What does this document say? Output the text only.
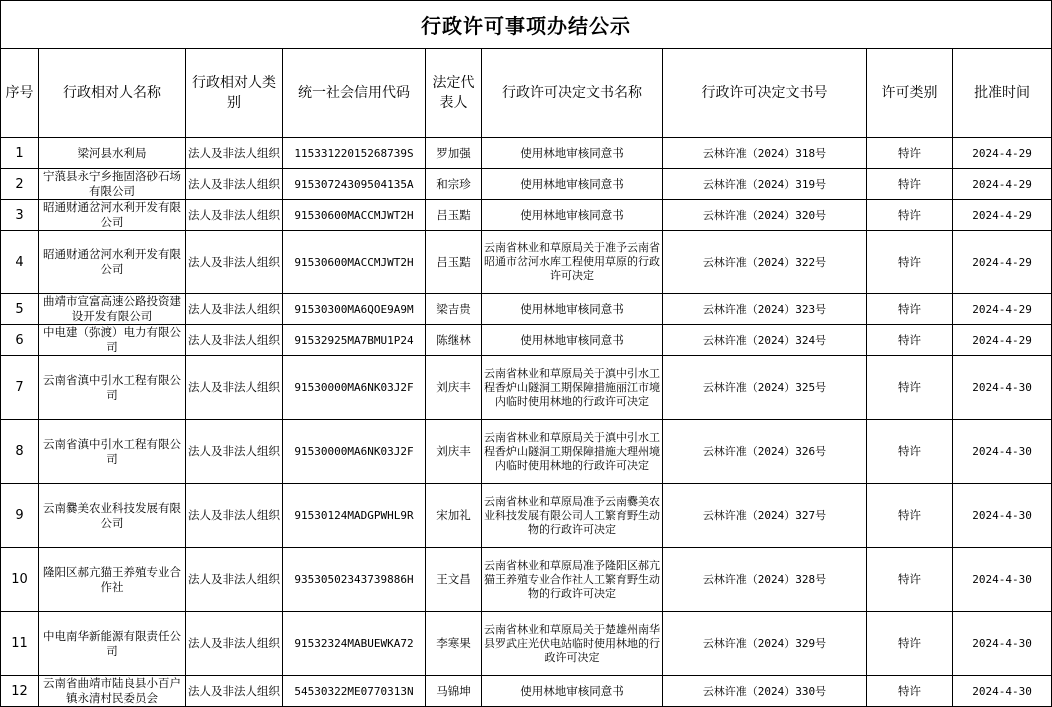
行政许可事项办结公示								
序号	行政相对人名称	行政相对人类别	统一社会信用代码	法定代表人	行政许可决定文书名称	行政许可决定文书号	许可类别	批准时间
1	梁河县水利局	法人及非法人组织	11533122015268739S	罗加强	使用林地审核同意书	云林许准（2024）318号	特许	2024-4-29
2	宁蒗县永宁乡拖固洛砂石场有限公司	法人及非法人组织	91530724309504135A	和宗珍	使用林地审核同意书	云林许准（2024）319号	特许	2024-4-29
3	昭通财通岔河水利开发有限公司	法人及非法人组织	91530600MACCMJWT2H	吕玉黠	使用林地审核同意书	云林许准（2024）320号	特许	2024-4-29
4	昭通财通岔河水利开发有限公司	法人及非法人组织	91530600MACCMJWT2H	吕玉黠	云南省林业和草原局关于准予云南省昭通市岔河水库工程使用草原的行政许可决定	云林许准（2024）322号	特许	2024-4-29
5	曲靖市宣富高速公路投资建设开发有限公司	法人及非法人组织	91530300MA6QOE9A9M	梁吉贵	使用林地审核同意书	云林许准（2024）323号	特许	2024-4-29
6	中电建（弥渡）电力有限公司	法人及非法人组织	91532925MA7BMU1P24	陈继林	使用林地审核同意书	云林许准（2024）324号	特许	2024-4-29
7	云南省滇中引水工程有限公司	法人及非法人组织	91530000MA6NK03J2F	刘庆丰	云南省林业和草原局关于滇中引水工程香炉山隧洞工期保障措施丽江市境内临时使用林地的行政许可决定	云林许准（2024）325号	特许	2024-4-30
8	云南省滇中引水工程有限公司	法人及非法人组织	91530000MA6NK03J2F	刘庆丰	云南省林业和草原局关于滇中引水工程香炉山隧洞工期保障措施大理州境内临时使用林地的行政许可决定	云林许准（2024）326号	特许	2024-4-30
9	云南爨美农业科技发展有限公司	法人及非法人组织	91530124MADGPWHL9R	宋加礼	云南省林业和草原局准予云南爨美农业科技发展有限公司人工繁育野生动物的行政许可决定	云林许准（2024）327号	特许	2024-4-30
10	隆阳区郝亢猫王养殖专业合作社	法人及非法人组织	93530502343739886H	王文昌	云南省林业和草原局准予隆阳区郝亢猫王养殖专业合作社人工繁育野生动物的行政许可决定	云林许准（2024）328号	特许	2024-4-30
11	中电南华新能源有限责任公司	法人及非法人组织	91532324MABUEWKA72	李寒果	云南省林业和草原局关于楚雄州南华县罗武庄光伏电站临时使用林地的行政许可决定	云林许准（2024）329号	特许	2024-4-30
12	云南省曲靖市陆良县小百户镇永清村民委员会	法人及非法人组织	54530322ME0770313N	马锦坤	使用林地审核同意书	云林许准（2024）330号	特许	2024-4-30
